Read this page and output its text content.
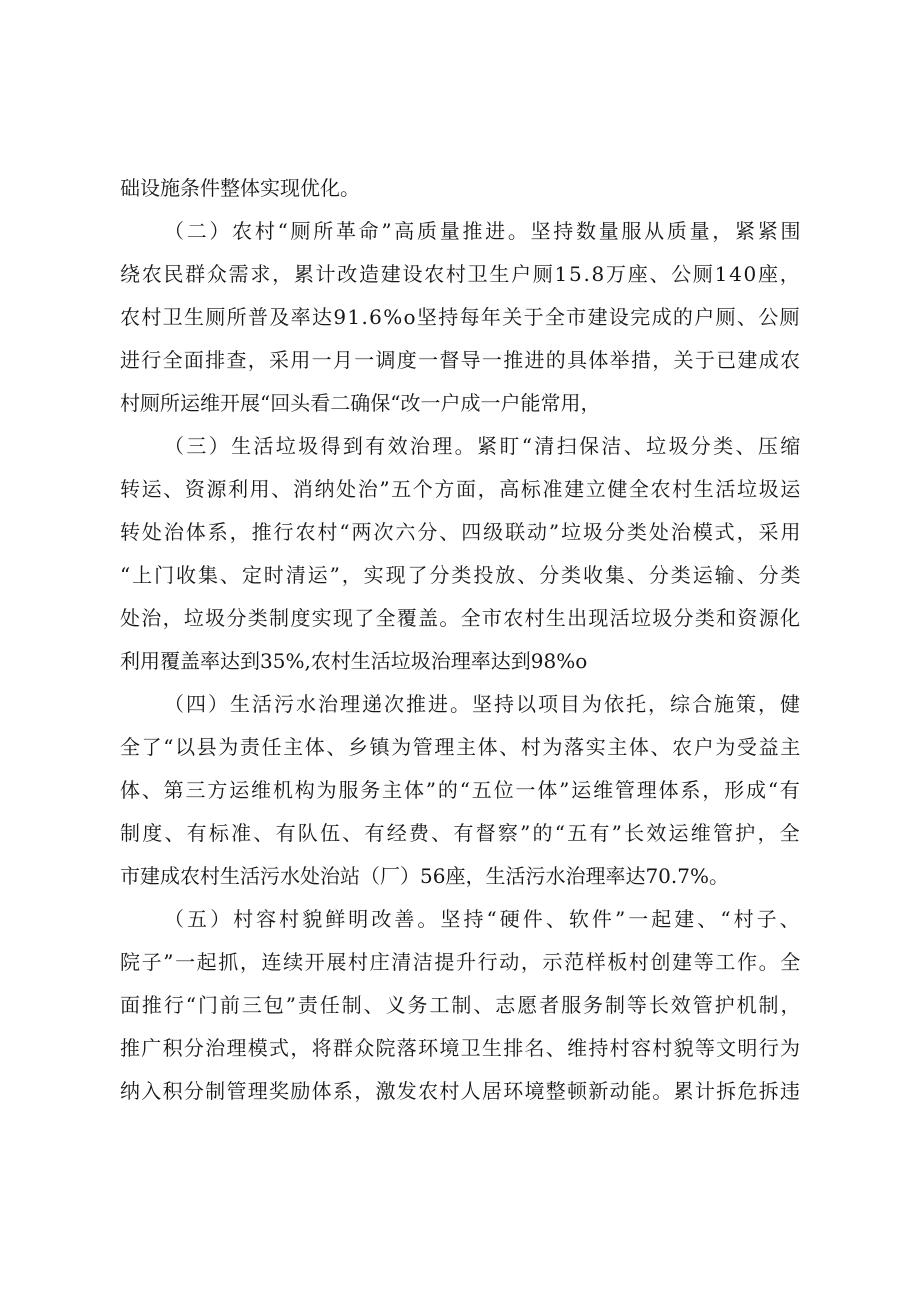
础设施条件整体实现优化。
（二）农村“厕所革命”高质量推进。坚持数量服从质量，紧紧围
绕农民群众需求，累计改造建设农村卫生户厕15.8万座、公厕140座，
农村卫生厕所普及率达91.6%o坚持每年关于全市建设完成的户厕、公厕
进行全面排查，采用一月一调度一督导一推进的具体举措，关于已建成农
村厕所运维开展“回头看二确保“改一户成一户能常用，
（三）生活垃圾得到有效治理。紧盯“清扫保洁、垃圾分类、压缩
转运、资源利用、消纳处治”五个方面，高标准建立健全农村生活垃圾运
转处治体系，推行农村“两次六分、四级联动”垃圾分类处治模式，采用
“上门收集、定时清运”，实现了分类投放、分类收集、分类运输、分类
处治，垃圾分类制度实现了全覆盖。全市农村生出现活垃圾分类和资源化
利用覆盖率达到35%,农村生活垃圾治理率达到98%o
（四）生活污水治理递次推进。坚持以项目为依托，综合施策，健
全了“以县为责任主体、乡镇为管理主体、村为落实主体、农户为受益主
体、第三方运维机构为服务主体”的“五位一体”运维管理体系，形成“有
制度、有标准、有队伍、有经费、有督察”的“五有”长效运维管护，全
市建成农村生活污水处治站（厂）56座，生活污水治理率达70.7%。
（五）村容村貌鲜明改善。坚持“硬件、软件”一起建、“村子、
院子”一起抓，连续开展村庄清洁提升行动，示范样板村创建等工作。全
面推行“门前三包”责任制、义务工制、志愿者服务制等长效管护机制，
推广积分治理模式，将群众院落环境卫生排名、维持村容村貌等文明行为
纳入积分制管理奖励体系，激发农村人居环境整顿新动能。累计拆危拆违
